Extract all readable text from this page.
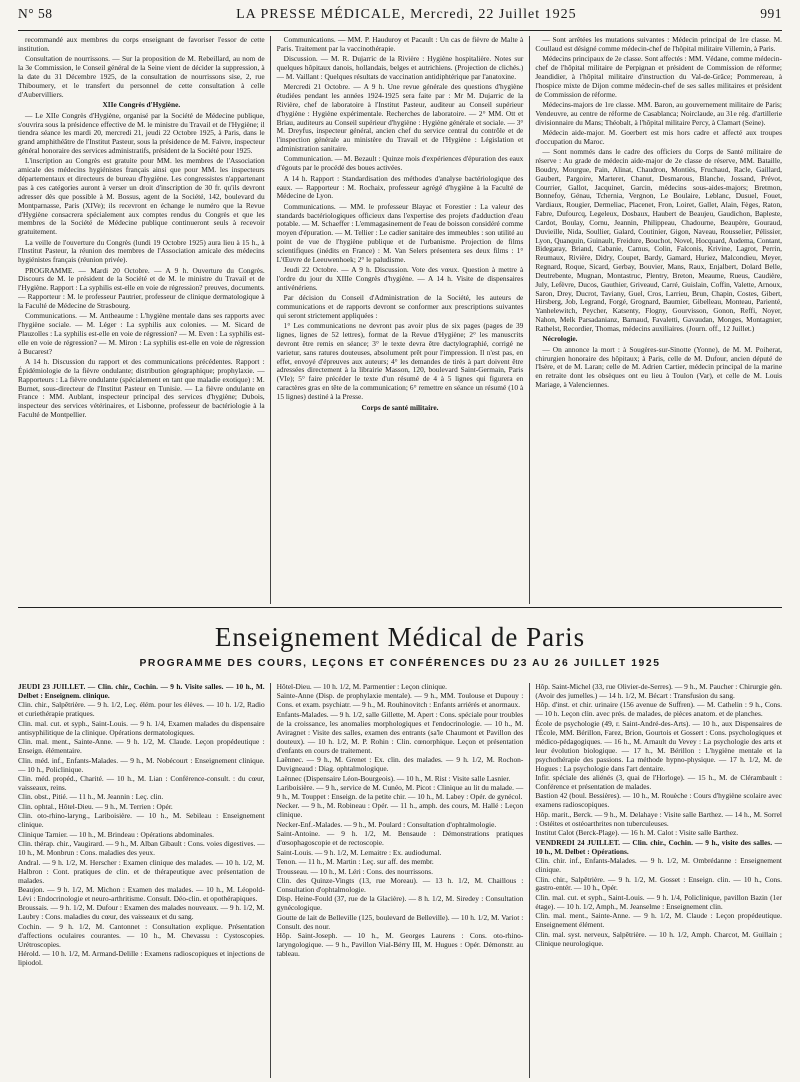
N° 58	LA PRESSE MÉDICALE, Mercredi, 22 Juillet 1925	991

recommandé aux membres du corps enseignant de favoriser l'essor de cette institution.

Consultation de nourrissons. — Sur la proposition de M. Rebeillard, au nom de la 3e Commission, le Conseil général de la Seine vient de décider la suppression, à la date du 31 Décembre 1925, de la consultation de nourrissons sise, 2, rue Thiboumery, et le transfert du personnel de cette consultation à celle d'Aubervilliers.

XIIe Congrès d'Hygiène.

— Le XIIe Congrès d'Hygiène, organisé par la Société de Médecine publique, s'ouvrira sous la présidence effective de M. le ministre du Travail et de l'Hygiène; il tiendra séance les mardi 20, mercredi 21, jeudi 22 Octobre 1925, à Paris, dans le grand amphithéâtre de l'Institut Pasteur, sous la présidence de M. Faivre, inspecteur général honoraire des services administratifs, président de la Société pour 1925.

L'inscription au Congrès est gratuite pour MM. les membres de l'Association amicale des médecins hygiénistes français ainsi que pour MM. les inspecteurs départementaux et directeurs de bureau d'hygiène. Les congressistes n'appartenant pas à ces catégories auront à verser un droit d'inscription de 30 fr. qu'ils devront adresser dès que possible à M. Bossus, agent de la Société, 142, boulevard du Montparnasse, Paris (XIVe); ils recevront en échange le numéro que la Revue d'Hygiène consacrera spécialement aux comptes rendus du Congrès et que les membres de la Société de Médecine publique continueront seuls à recevoir gratuitement.

La veille de l'ouverture du Congrès (lundi 19 Octobre 1925) aura lieu à 15 h., à l'Institut Pasteur, la réunion des membres de l'Association amicale des médecins hygiénistes français (réunion privée).

PROGRAMME. — Mardi 20 Octobre. — A 9 h. Ouverture du Congrès. Discours de M. le président de la Société et de M. le ministre du Travail et de l'Hygiène. Rapport : La syphilis est-elle en voie de régression? preuves, documents. — Rapporteur : M. le professeur Pautrier, professeur de clinique dermatologique à la Faculté de Médecine de Strasbourg.

Communications. — M. Antheaume : L'hygiène mentale dans ses rapports avec l'hygiène sociale. — M. Léger : La syphilis aux colonies. — M. Sicard de Plauzolles : La syphilis est-elle en voie de régression? — M. Even : La syphilis est-elle en voie de régression? — M. Miron : La syphilis est-elle en voie de régression à Bucarest?

A 14 h. Discussion du rapport et des communications précédentes. Rapport : Épidémiologie de la fièvre ondulante; distribution géographique; prophylaxie. — Rapporteurs : La fièvre ondulante (spécialement en tant que maladie exotique) : M. Burnet, sous-directeur de l'Institut Pasteur en Tunisie. — La fièvre ondulante en France : MM. Aublant, inspecteur principal des services d'hygiène; Dubois, inspecteur des services vétérinaires, et Lisbonne, professeur de bactériologie à la Faculté de Montpellier.

Communications. — MM. P. Hauduroy et Pacault : Un cas de fièvre de Malte à Paris. Traitement par la vaccinothérapie.

Discussion. — M. R. Dujarric de la Rivière : Hygiène hospitalière. Notes sur quelques hôpitaux danois, hollandais, belges et autrichiens. (Projection de clichés.) — M. Vaillant : Quelques résultats de vaccination antidiphtérique par l'anatoxine.

Mercredi 21 Octobre. — A 9 h. Une revue générale des questions d'hygiène étudiées pendant les années 1924-1925 sera faite par : Mr M. Dujarric de la Rivière, chef de laboratoire à l'Institut Pasteur, auditeur au Conseil supérieur d'hygiène : Hygiène expérimentale. Recherches de laboratoire. — 2° MM. Ott et Briau, auditeurs au Conseil supérieur d'hygiène : Hygiène générale et sociale. — 3° M. Dreyfus, inspecteur général, ancien chef du service central du contrôle et de l'inspection générale au ministère du Travail et de l'Hygiène : Législation et administration sanitaire.

Communication. — M. Bezault : Quinze mois d'expériences d'épuration des eaux d'égouts par le procédé des boues activées.

A 14 h. Rapport : Standardisation des méthodes d'analyse bactériologique des eaux. — Rapporteur : M. Rochaix, professeur agrégé d'hygiène à la Faculté de Médecine de Lyon.

Communications. — MM. le professeur Blayac et Forestier : La valeur des standards bactériologiques officieux dans l'expertise des projets d'adduction d'eau potable. — M. Schaeffer : L'emmagasinement de l'eau de boisson considéré comme moyen d'épuration. — M. Tellier : Le cadier sanitaire des immeubles : son utilité au point de vue de l'hygiène publique et de l'urbanisme. Projection de films scientifiques (inédits en France) : M. Van Selers présentera ses deux films : 1° L'Œuvre de Leeuwenhoek; 2° le paludisme.

Jeudi 22 Octobre. — A 9 h. Discussion. Vote des vœux. Question à mettre à l'ordre du jour du XIIIe Congrès d'hygiène. — A 14 h. Visite de dispensaires antivénériens.

Par décision du Conseil d'Administration de la Société, les auteurs de communications et de rapports devront se conformer aux prescriptions suivantes qui seront strictement appliquées :

1° Les communications ne devront pas avoir plus de six pages (pages de 39 lignes, lignes de 52 lettres), format de la Revue d'Hygiène; 2° les manuscrits devront être remis en séance; 3° le texte devra être dactylographié, corrigé ne varietur, sans ratures douteuses, absolument prêt pour l'impression. Il n'est pas, en effet, envoyé d'épreuves aux auteurs; 4° les demandes de tirés à part doivent être adressées directement à la librairie Masson, 120, boulevard Saint-Germain, Paris (VIe); 5° faire précéder le texte d'un résumé de 4 à 5 lignes qui figurera en caractères gras en tête de la communication; 6° remettre en séance un résumé (10 à 15 lignes) destiné à la Presse.

Corps de santé militaire.

— Sont arrêtées les mutations suivantes : Médecin principal de 1re classe. M. Coullaud est désigné comme médecin-chef de l'hôpital militaire Villemin, à Paris.

Médecins principaux de 2e classe. Sont affectés : MM. Védane, comme médecin-chef de l'hôpital militaire de Perpignan et président de Commission de réforme; Jeandidier, à l'hôpital militaire d'instruction du Val-de-Grâce; Pommereau, à l'hospice mixte de Dijon comme médecin-chef de ses salles militaires et président de Commission de réforme.

Médecins-majors de 1re classe. MM. Baron, au gouvernement militaire de Paris; Vendeuvre, au centre de réforme de Casablanca; Noirclaude, au 31e rég. d'artillerie divisionnaire du Mans; Théobalt, à l'hôpital militaire Percy, à Clamart (Seine).

Médecin aide-major. M. Goerbert est mis hors cadre et affecté aux troupes d'occupation du Maroc.

— Sont nommés dans le cadre des officiers du Corps de Santé militaire de réserve : Au grade de médecin aide-major de 2e classe de réserve, MM. Bataille, Boudry, Mourgue, Pain, Alinat, Chaudron, Montiès, Fruchaud, Racle, Gaillard, Gaubert, Pargoire, Marteret, Chanut, Desmarous, Blanche, Jossand, Prévot, Courrier, Gallot, Jacquinet, Garcin, médecins sous-aides-majors; Bretmon, Bonnefoy, Génau, Tchernia, Vergnon, Le Boulaire, Leblanc, Dusuel, Fouet, Vardiaux, Rougier, Dermeliac, Placenet, Fron, Loiret, Gallet, Alain, Fèges, Raton, Fabre, Dufourcq, Legeleux, Dosbaux, Haubert de Beaujeu, Gaudichon, Bapleste, Cardot, Boulay, Cornu, Jeannin, Philippeau, Chadourne, Beaupère, Gouraud, Duvieille, Nida, Soullier, Galard, Coutinier, Gigon, Naveau, Rousselier, Pélissier, Lyon, Quanquin, Guinault, Freidure, Bouchot, Novel, Hocquard, Audema, Contant, Bidegaray, Briand, Cabanie, Camus, Colin, Falconis, Krivine, Lagrot, Perrin, Reumaux, Rivière, Didry, Coupet, Bardy, Gamard, Huriez, Malcondieu, Meyer, Regnard, Roque, Sicard, Gerbay, Bouvier, Mans, Raux, Enjalbert, Dolard Belle, Deutrebente, Mugnan, Montastruc, Plentry, Breton, Meaume, Rueus, Caudière, July, Lefèvre, Ducos, Gauthier, Griveaud, Carré, Guislain, Coffin, Valette, Arnoux, Saron, Drey, Ducrot, Taviany, Guel, Cros, Larrieu, Brun, Chapin, Costes, Gibert, Hirsberg, Job, Legrand, Forgé, Grognard, Baumier, Gibelleau, Monteau, Parienté, Yanhelewitch, Peycher, Katsenty, Flogny, Gourvisson, Gonon, Reffi, Noyer, Nahon, Melk Parsadanianz, Barnaud, Favaletti, Gavaudan, Monges, Montagnier, Rathelst, Recordier, Thomas, médecins auxiliaires. (Journ. off., 12 Juillet.)

Nécrologie.

— On annonce la mort : à Sougères-sur-Sinotte (Yonne), de M. M. Poiherat, chirurgien honoraire des hôpitaux; à Paris, celle de M. Dufour, ancien député de l'Isère, et de M. Laran; celle de M. Adrien Cartier, médecin principal de la marine en retraite dont les obsèques ont eu lieu à Toulon (Var), et celle de M. Louis Mariage, à Valenciennes.

Enseignement Médical de Paris
PROGRAMME DES COURS, LEÇONS ET CONFÉRENCES DU 23 AU 26 JUILLET 1925

JEUDI 23 JUILLET. — Clin. chir., Cochin. — 9 h. Visite salles. — 10 h., M. Delbet : Enseignem. clinique.

Clin. chir., Salpêtrière. — 9 h. 1/2, Leç. élém. pour les élèves. — 10 h. 1/2, Radio et curiethérapie pratiques.

Clin. mal. cut. et syph., Saint-Louis. — 9 h. 1/4, Examen malades du dispensaire antisyphilitique de la clinique. Opérations dermatologiques.

Clin. mal. ment., Sainte-Anne. — 9 h. 1/2, M. Claude. Leçon propédeutique : Enseign. élémentaire.

Clin. méd. inf., Enfants-Malades. — 9 h., M. Nobécourt : Enseignement clinique. — 10 h., Policlinique.

Clin. méd. propéd., Charité. — 10 h., M. Lian : Conférence-consult. : du cœur, vaisseaux, reins.

Clin. obst., Pitié. — 11 h., M. Jeannin : Leç. clin.

Clin. ophtal., Hôtel-Dieu. — 9 h., M. Terrien : Opér.

Clin. oto-rhino-laryng., Lariboisière. — 10 h., M. Sebileau : Enseignement clinique.

Clinique Tarnier. — 10 h., M. Brindeau : Opérations abdominales.

Clin. thérap. chir., Vaugirard. — 9 h., M. Alban Gibault : Cons. voies digestives. — 10 h., M. Monbrun : Cons. maladies des yeux.

Andral. — 9 h. 1/2, M. Herscher : Examen clinique des malades. — 10 h. 1/2, M. Halbron : Cont. pratiques de clin. et de thérapeutique avec présentation de malades.

Beaujon. — 9 h. 1/2, M. Michon : Examen des malades. — 10 h., M. Léopold-Lévi : Endocrinologie et neuro-arthritisme. Consult. Déo-clin. et opothérapiques.

Broussais. — 9 h. 1/2, M. Dufour : Examen des malades nouveaux. — 9 h. 1/2, M. Laubry : Cons. maladies du cœur, des vaisseaux et du sang.

Cochin. — 9 h. 1/2, M. Cantonnet : Consultation explique. Présentation d'affections oculaires courantes. — 10 h., M. Chevassu : Cystoscopies. Urétroscopies.

Hérold. — 10 h. 1/2, M. Armand-Delille : Examens radioscopiques et injections de lipiodol.

Hôtel-Dieu. — 10 h. 1/2, M. Parmentier : Leçon clinique.

Sainte-Anne (Disp. de prophylaxie mentale). — 9 h., MM. Toulouse et Dupouy : Cons. et exam. psychiatr. — 9 h., M. Rouhinovitch : Enfants arriérés et anormaux.

Enfants-Malades. — 9 h. 1/2, salle Gillette, M. Apert : Cons. spéciale pour troubles de la croissance, les anomalies morphologiques et l'endocrinologie. — 10 h., M. Aviragnet : Visite des salles, examen des entrants (sa'le Chaumont et Pavillon des douteux). — 10 h. 1/2, M. P. Rohin : Clin. cœnorphique. Leçon et présentation d'enfants en cours de traitement.

Laënnec. — 9 h., M. Grenet : Ex. clin. des malades. — 9 h. 1/2, M. Rochon-Duvigneaud : Diag. ophtalmologique.

Laënnec (Dispensaire Léon-Bourgeois). — 10 h., M. Rist : Visite salle Lasnier.

Lariboisière. — 9 h., service de M. Cunéo, M. Picot : Clinique au lit du malade. — 9 h., M. Touppet : Enseign. de la petite chir. — 10 h., M. Labey : Opér. de gynécol.

Necker. — 9 h., M. Robineau : Opér. — 11 h., amph. des cours, M. Hallé : Leçon clinique.

Necker-Enf.-Malades. — 9 h., M. Poulard : Consultation d'ophtalmologie.

Saint-Antoine. — 9 h. 1/2, M. Bensaude : Démonstrations pratiques d'œsophagoscopie et de rectoscopie.

Saint-Louis. — 9 h. 1/2, M. Lemaitre : Ex. audiodumal.

Tenon. — 11 h., M. Martin : Leç. sur aff. des membr.

Trousseau. — 10 h., M. Léri : Cons. des nourrissons.

Clin. des Quinze-Vingts (13, rue Moreau). — 13 h. 1/2, M. Chaillous : Consultation d'ophtalmologie.

Disp. Heine-Fould (37, rue de la Glacière). — 8 h. 1/2, M. Siredey : Consultation gynécologique.

Goutte de lait de Belleville (125, boulevard de Belleville). — 10 h. 1/2, M. Variot : Consult. des nour.

Hôp. Saint-Joseph. — 10 h., M. Georges Laurens : Cons. oto-rhino-laryngologique. — 9 h., Pavillon Vial-Bérry III, M. Hugues : Opér. Démonstr. au tableau.

Hôp. Saint-Michel (33, rue Olivier-de-Serres). — 9 h., M. Paucher : Chirurgie gén. (Avoir des jumelles.) — 14 h. 1/2, M. Bécart : Transfusion du sang.

Hôp. d'inst. et chir. urinaire (156 avenue de Suffren). — M. Cathelin : 9 h., Cons. — 10 h. Leçon clin. avec prés. de malades, de pièces anatom. et de planches.

École de psychologie (49, r. Saint-André-des-Arts). — 10 h., aux Dispensaires de l'École, MM. Bérillon, Farez, Brion, Gourtois et Gossert : Cons. psychologiques et médico-pédagogiques. — 16 h., M. Arnault du Vevey : La psychologie des arts et leur évolution biologique. — 17 h., M. Bérillon : L'hygiène mentale et la psychothérapie des passions. La méthode hypno-physique. — 17 h. 1/2, M. de Hogues : La psychologie dans l'art dentaire.

Infir. spéciale des aliénés (3, quai de l'Horloge). — 15 h., M. de Clérambault : Conférence et présentation de malades.

Bastion 42 (boul. Bessières). — 10 h., M. Rouèche : Cours d'hygiène scolaire avec examens radioscopiques.

Hôp. marit., Berck. — 9 h., M. Delahaye : Visite salle Barthez. — 14 h., M. Sorrel : Ostéites et ostéoarthrites non tuberculeuses.

Institut Calot (Berck-Plage). — 16 h. M. Calot : Visite salle Barthez.

VENDREDI 24 JUILLET. — Clin. chir., Cochin. — 9 h., visite des salles. — 10 h., M. Delbet : Opérations.

Clin. chir. inf., Enfants-Malades. — 9 h. 1/2, M. Ombrédanne : Enseignement clinique.

Clin. chir., Salpêtrière. — 9 h. 1/2, M. Gosset : Enseign. clin. — 10 h., Cons. gastro-entér. — 10 h., Opér.

Clin. mal. cut. et syph., Saint-Louis. — 9 h. 1/4, Policlinique, pavillon Bazin (1er étage). — 10 h. 1/2, Amph., M. Jeanselme : Enseignement clin.

Clin. mal. ment., Sainte-Anne. — 9 h. 1/2, M. Claude : Leçon propédeutique. Enseignement élément.

Clin. mal. syst. nerveux, Salpêtrière. — 10 h. 1/2, Amph. Charcot, M. Guillain ; Clinique neurologique.
